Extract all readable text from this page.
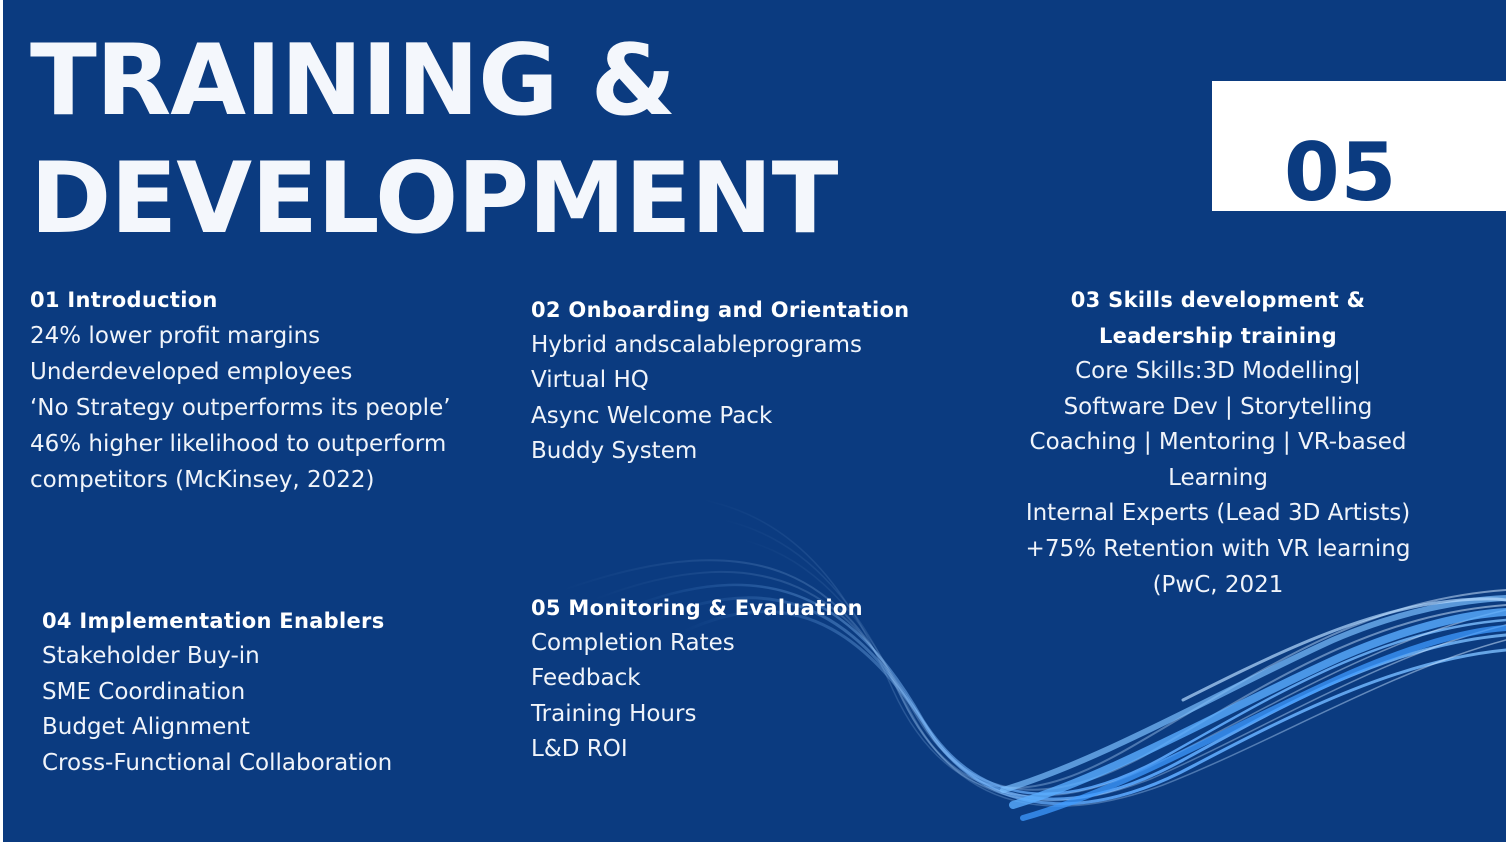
TRAINING &
DEVELOPMENT	05
01 Introduction
24% lower profit margins
Underdeveloped employees
‘No Strategy outperforms its people’
46% higher likelihood to outperform
competitors (McKinsey, 2022)
02 Onboarding and Orientation
Hybrid andscalableprograms
Virtual HQ
Async Welcome Pack
Buddy System
03 Skills development &
Leadership training
Core Skills:3D Modelling|
Software Dev | Storytelling
Coaching | Mentoring | VR-based
Learning
Internal Experts (Lead 3D Artists)
+75% Retention with VR learning
(PwC, 2021
04 Implementation Enablers
Stakeholder Buy-in
SME Coordination
Budget Alignment
Cross-Functional Collaboration
05 Monitoring & Evaluation
Completion Rates
Feedback
Training Hours
L&D ROI
